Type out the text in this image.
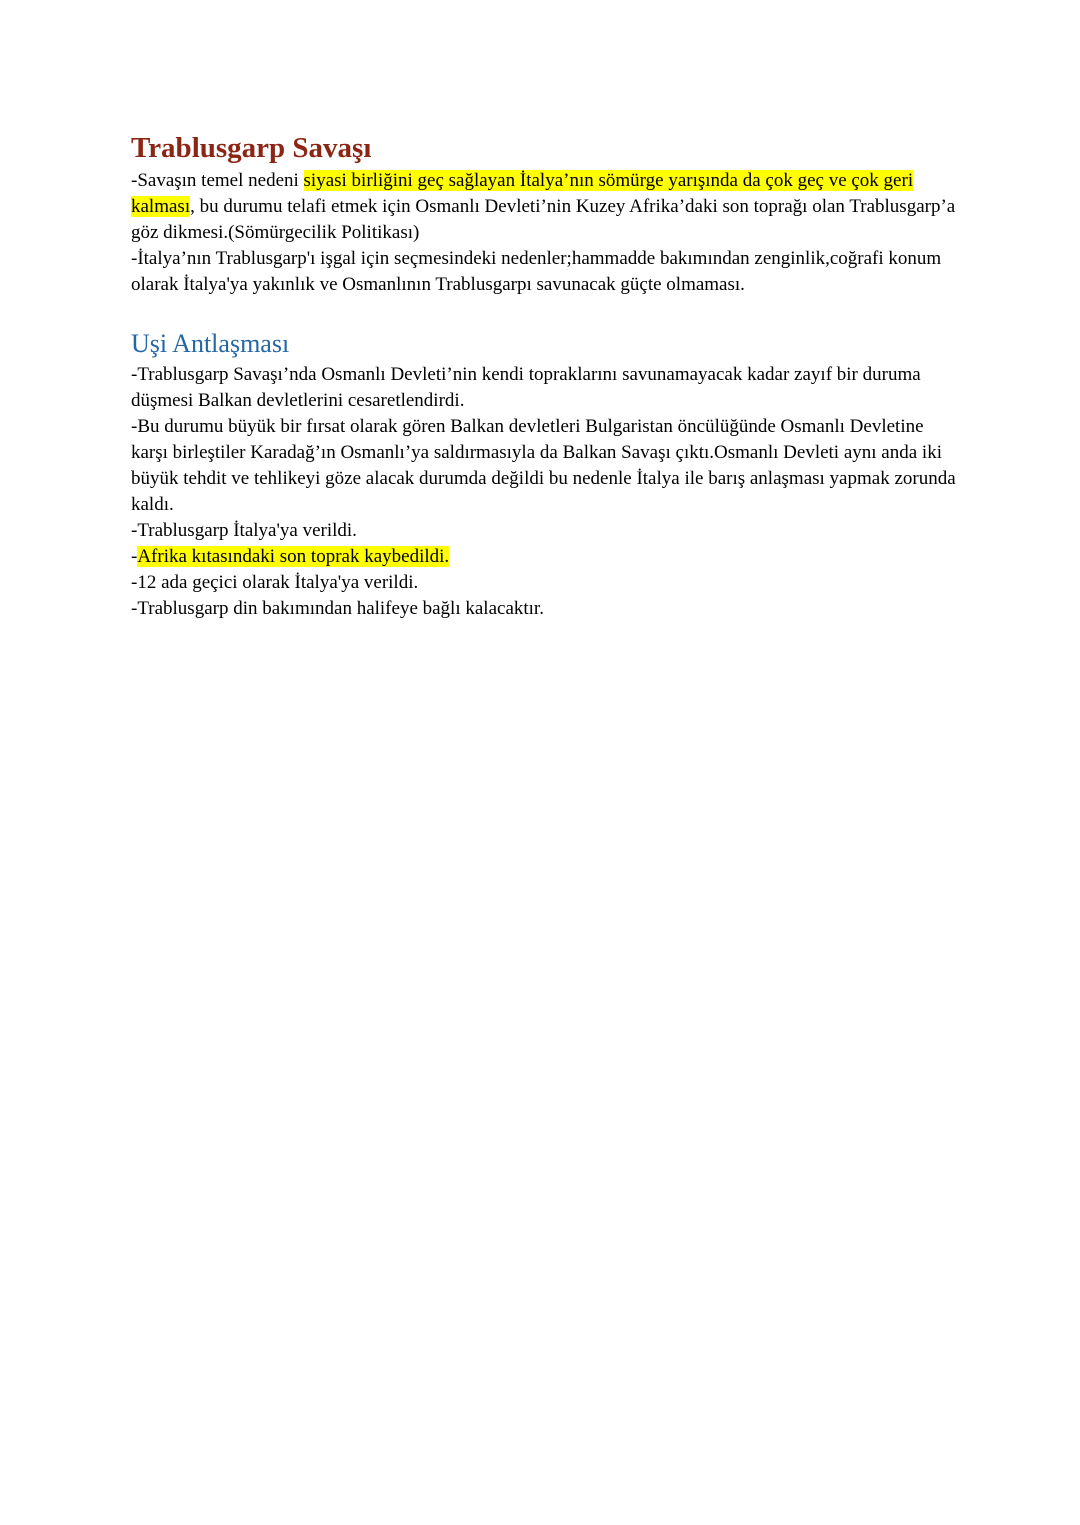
Trablusgarp Savaşı

-Savaşın temel nedeni siyasi birliğini geç sağlayan İtalya’nın sömürge yarışında da çok geç ve çok geri kalması, bu durumu telafi etmek için Osmanlı Devleti’nin Kuzey Afrika’daki son toprağı olan Trablusgarp’a göz dikmesi.(Sömürgecilik Politikası)

-İtalya’nın Trablusgarp'ı işgal için seçmesindeki nedenler;hammadde bakımından zenginlik,coğrafi konum olarak İtalya'ya yakınlık ve Osmanlının Trablusgarpı savunacak güçte olmaması.

Uşi Antlaşması

-Trablusgarp Savaşı’nda Osmanlı Devleti’nin kendi topraklarını savunamayacak kadar zayıf bir duruma düşmesi Balkan devletlerini cesaretlendirdi.

-Bu durumu büyük bir fırsat olarak gören Balkan devletleri Bulgaristan öncülüğünde Osmanlı Devletine karşı birleştiler Karadağ’ın Osmanlı’ya saldırmasıyla da Balkan Savaşı çıktı.Osmanlı Devleti aynı anda iki büyük tehdit ve tehlikeyi göze alacak durumda değildi bu nedenle İtalya ile barış anlaşması yapmak zorunda kaldı.

-Trablusgarp İtalya'ya verildi.

-Afrika kıtasındaki son toprak kaybedildi.

-12 ada geçici olarak İtalya'ya verildi.

-Trablusgarp din bakımından halifeye bağlı kalacaktır.
